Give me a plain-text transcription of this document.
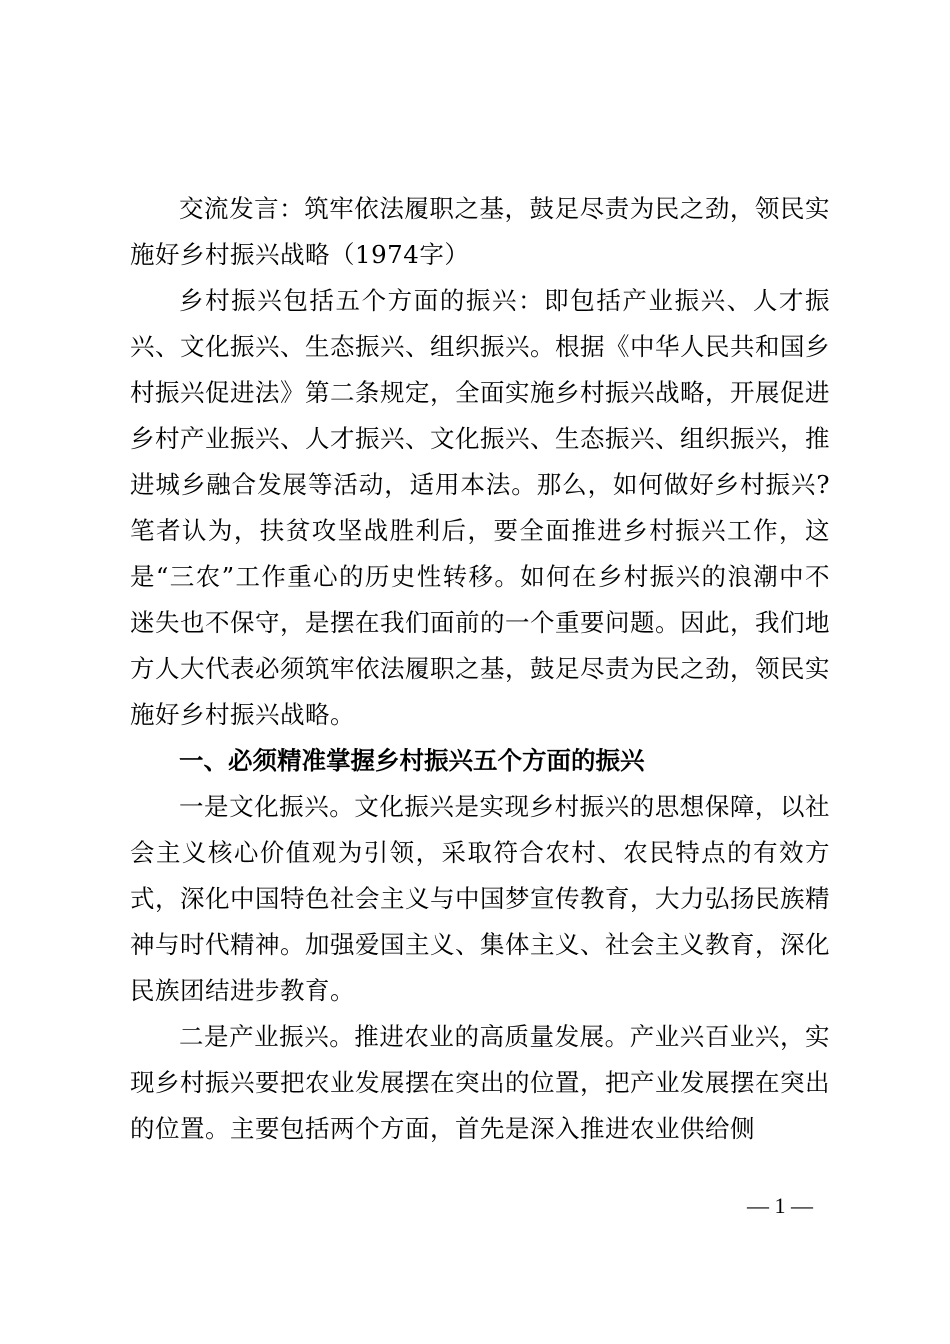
交流发言：筑牢依法履职之基，鼓足尽责为民之劲，领民实施好乡村振兴战略（1974字）

乡村振兴包括五个方面的振兴：即包括产业振兴、人才振兴、文化振兴、生态振兴、组织振兴。根据《中华人民共和国乡村振兴促进法》第二条规定，全面实施乡村振兴战略，开展促进乡村产业振兴、人才振兴、文化振兴、生态振兴、组织振兴，推进城乡融合发展等活动，适用本法。那么，如何做好乡村振兴?笔者认为，扶贫攻坚战胜利后，要全面推进乡村振兴工作，这是“三农”工作重心的历史性转移。如何在乡村振兴的浪潮中不迷失也不保守，是摆在我们面前的一个重要问题。因此，我们地方人大代表必须筑牢依法履职之基，鼓足尽责为民之劲，领民实施好乡村振兴战略。

一、必须精准掌握乡村振兴五个方面的振兴

一是文化振兴。文化振兴是实现乡村振兴的思想保障，以社会主义核心价值观为引领，采取符合农村、农民特点的有效方式，深化中国特色社会主义与中国梦宣传教育，大力弘扬民族精神与时代精神。加强爱国主义、集体主义、社会主义教育，深化民族团结进步教育。

二是产业振兴。推进农业的高质量发展。产业兴百业兴，实现乡村振兴要把农业发展摆在突出的位置，把产业发展摆在突出的位置。主要包括两个方面，首先是深入推进农业供给侧

— 1 —
